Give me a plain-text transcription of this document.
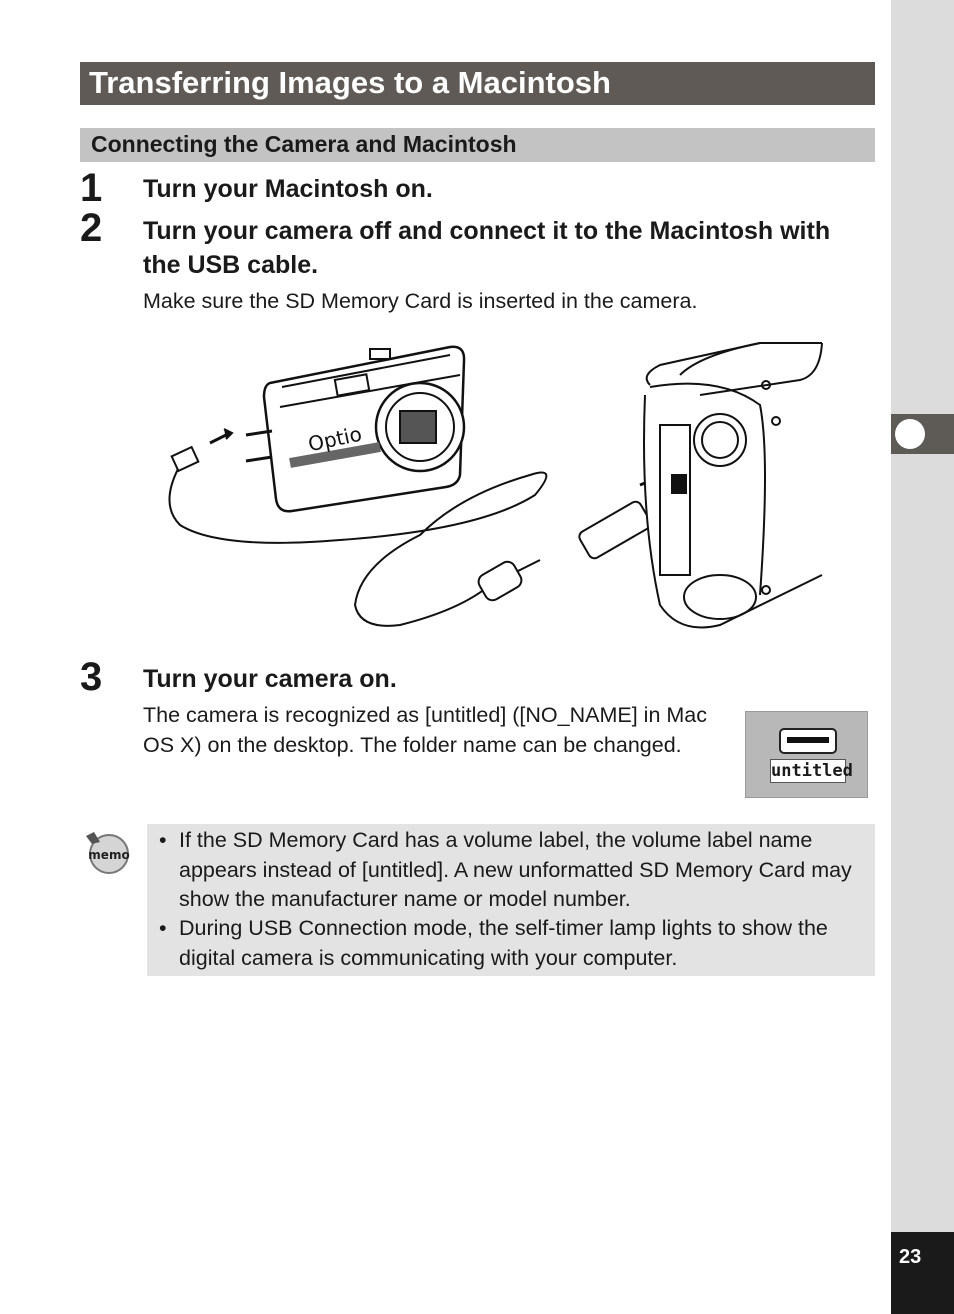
23
Transferring Images to a Macintosh
Connecting the Camera and Macintosh
1 Turn your Macintosh on.
2 Turn your camera off and connect it to the Macintosh with the USB cable.
Make sure the SD Memory Card is inserted in the camera.
Optio
3 Turn your camera on.
The camera is recognized as [untitled] ([NO_NAME] in Mac OS X) on the desktop. The folder name can be changed.
untitled
memo
• If the SD Memory Card has a volume label, the volume label name appears instead of [untitled]. A new unformatted SD Memory Card may show the manufacturer name or model number.
• During USB Connection mode, the self-timer lamp lights to show the digital camera is communicating with your computer.
